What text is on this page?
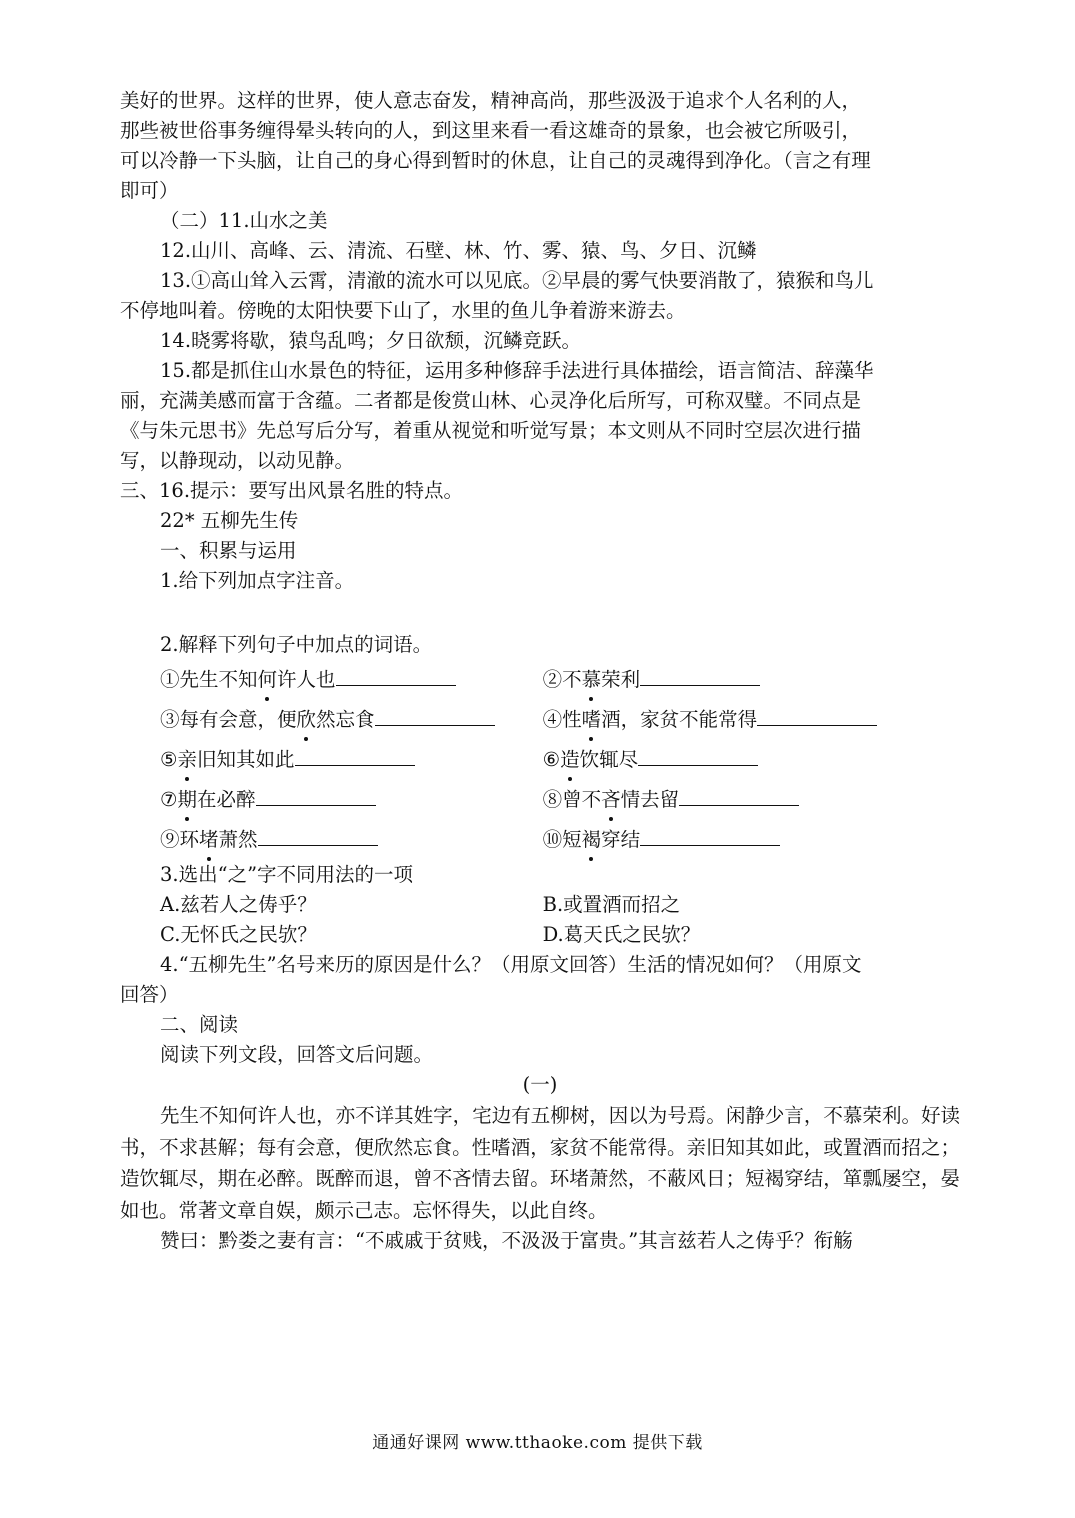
美好的世界。这样的世界，使人意志奋发，精神高尚，那些汲汲于追求个人名利的人，

那些被世俗事务缠得晕头转向的人，到这里来看一看这雄奇的景象，也会被它所吸引，

可以冷静一下头脑，让自己的身心得到暂时的休息，让自己的灵魂得到净化。（言之有理

即可）

（二）11.山水之美

12.山川、高峰、云、清流、石壁、林、竹、雾、猿、鸟、夕日、沉鳞

13.①高山耸入云霄，清澈的流水可以见底。②早晨的雾气快要消散了，猿猴和鸟儿

不停地叫着。傍晚的太阳快要下山了，水里的鱼儿争着游来游去。

14.晓雾将歇，猿鸟乱鸣；夕日欲颓，沉鳞竞跃。

15.都是抓住山水景色的特征，运用多种修辞手法进行具体描绘，语言简洁、辞藻华

丽，充满美感而富于含蕴。二者都是俊赏山林、心灵净化后所写，可称双璧。不同点是

《与朱元思书》先总写后分写，着重从视觉和听觉写景；本文则从不同时空层次进行描

写，以静现动，以动见静。

三、16.提示：要写出风景名胜的特点。

22* 五柳先生传

一、积累与运用

1.给下列加点字注音。

2.解释下列句子中加点的词语。

①先生不知何许人也	②不慕荣利
③每有会意，便欣然忘食	④性嗜酒，家贫不能常得
⑤亲旧知其如此	⑥造饮辄尽
⑦期在必醉	⑧曾不吝情去留
⑨环堵萧然	⑩短褐穿结

3.选出“之”字不同用法的一项

A.兹若人之俦乎？	B.或置酒而招之
C.无怀氏之民欤？	D.葛天氏之民欤？

4.“五柳先生”名号来历的原因是什么？（用原文回答）生活的情况如何？（用原文

回答）

二、阅读

阅读下列文段，回答文后问题。

(一)

先生不知何许人也，亦不详其姓字，宅边有五柳树，因以为号焉。闲静少言，不慕荣利。好读书，不求甚解；每有会意，便欣然忘食。性嗜酒，家贫不能常得。亲旧知其如此，或置酒而招之；造饮辄尽，期在必醉。既醉而退，曾不吝情去留。环堵萧然，不蔽风日；短褐穿结，箪瓢屡空，晏如也。常著文章自娱，颇示己志。忘怀得失，以此自终。

赞曰：黔娄之妻有言：“不戚戚于贫贱，不汲汲于富贵。”其言兹若人之俦乎？衔觞

通通好课网 www.tthaoke.com 提供下载
